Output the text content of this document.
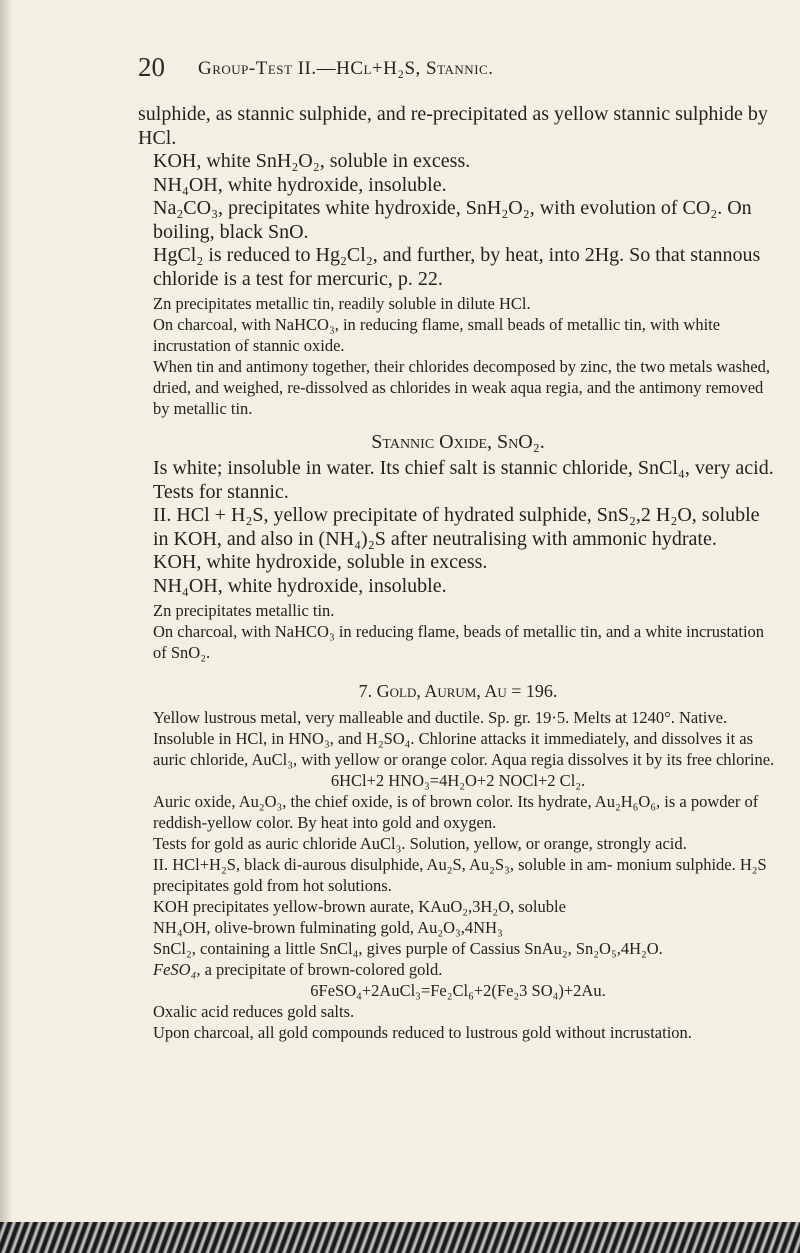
20 Group-Test II.—HCl+H₂S, Stannic.

sulphide, as stannic sulphide, and re-precipitated as yellow stannic sulphide by HCl.

KOH, white SnH₂O₂, soluble in excess.

NH₄OH, white hydroxide, insoluble.

Na₂CO₃, precipitates white hydroxide, SnH₂O₂, with evolution of CO₂. On boiling, black SnO.

HgCl₂ is reduced to Hg₂Cl₂, and further, by heat, into 2Hg. So that stannous chloride is a test for mercuric, p. 22.

Zn precipitates metallic tin, readily soluble in dilute HCl.

On charcoal, with NaHCO₃, in reducing flame, small beads of metallic tin, with white incrustation of stannic oxide.

When tin and antimony together, their chlorides decomposed by zinc, the two metals washed, dried, and weighed, re-dissolved as chlorides in weak aqua regia, and the antimony removed by metallic tin.

Stannic Oxide, SnO₂.

Is white; insoluble in water. Its chief salt is stannic chloride, SnCl₄, very acid.

Tests for stannic.

II. HCl + H₂S, yellow precipitate of hydrated sulphide, SnS₂,2 H₂O, soluble in KOH, and also in (NH₄)₂S after neutralising with ammonic hydrate.

KOH, white hydroxide, soluble in excess.

NH₄OH, white hydroxide, insoluble.

Zn precipitates metallic tin.

On charcoal, with NaHCO₃ in reducing flame, beads of metallic tin, and a white incrustation of SnO₂.

7. Gold, Aurum, Au = 196.

Yellow lustrous metal, very malleable and ductile. Sp. gr. 19·5. Melts at 1240°. Native. Insoluble in HCl, in HNO₃, and H₂SO₄. Chlorine attacks it immediately, and dissolves it as auric chloride, AuCl₃, with yellow or orange color. Aqua regia dissolves it by its free chlorine.

6HCl+2 HNO₃=4H₂O+2 NOCl+2 Cl₂.

Auric oxide, Au₂O₃, the chief oxide, is of brown color. Its hydrate, Au₂H₆O₆, is a powder of reddish-yellow color. By heat into gold and oxygen.

Tests for gold as auric chloride AuCl₃. Solution, yellow, or orange, strongly acid.

II. HCl+H₂S, black di-aurous disulphide, Au₂S, Au₂S₃, soluble in am- monium sulphide. H₂S precipitates gold from hot solutions.

KOH precipitates yellow-brown aurate, KAuO₂,3H₂O, soluble

NH₄OH, olive-brown fulminating gold, Au₂O₃,4NH₃

SnCl₂, containing a little SnCl₄, gives purple of Cassius SnAu₂, Sn₂O₅,4H₂O.

FeSO₄, a precipitate of brown-colored gold.

6FeSO₄+2AuCl₃=Fe₂Cl₆+2(Fe₂3 SO₄)+2Au.

Oxalic acid reduces gold salts.

Upon charcoal, all gold compounds reduced to lustrous gold without incrustation.
